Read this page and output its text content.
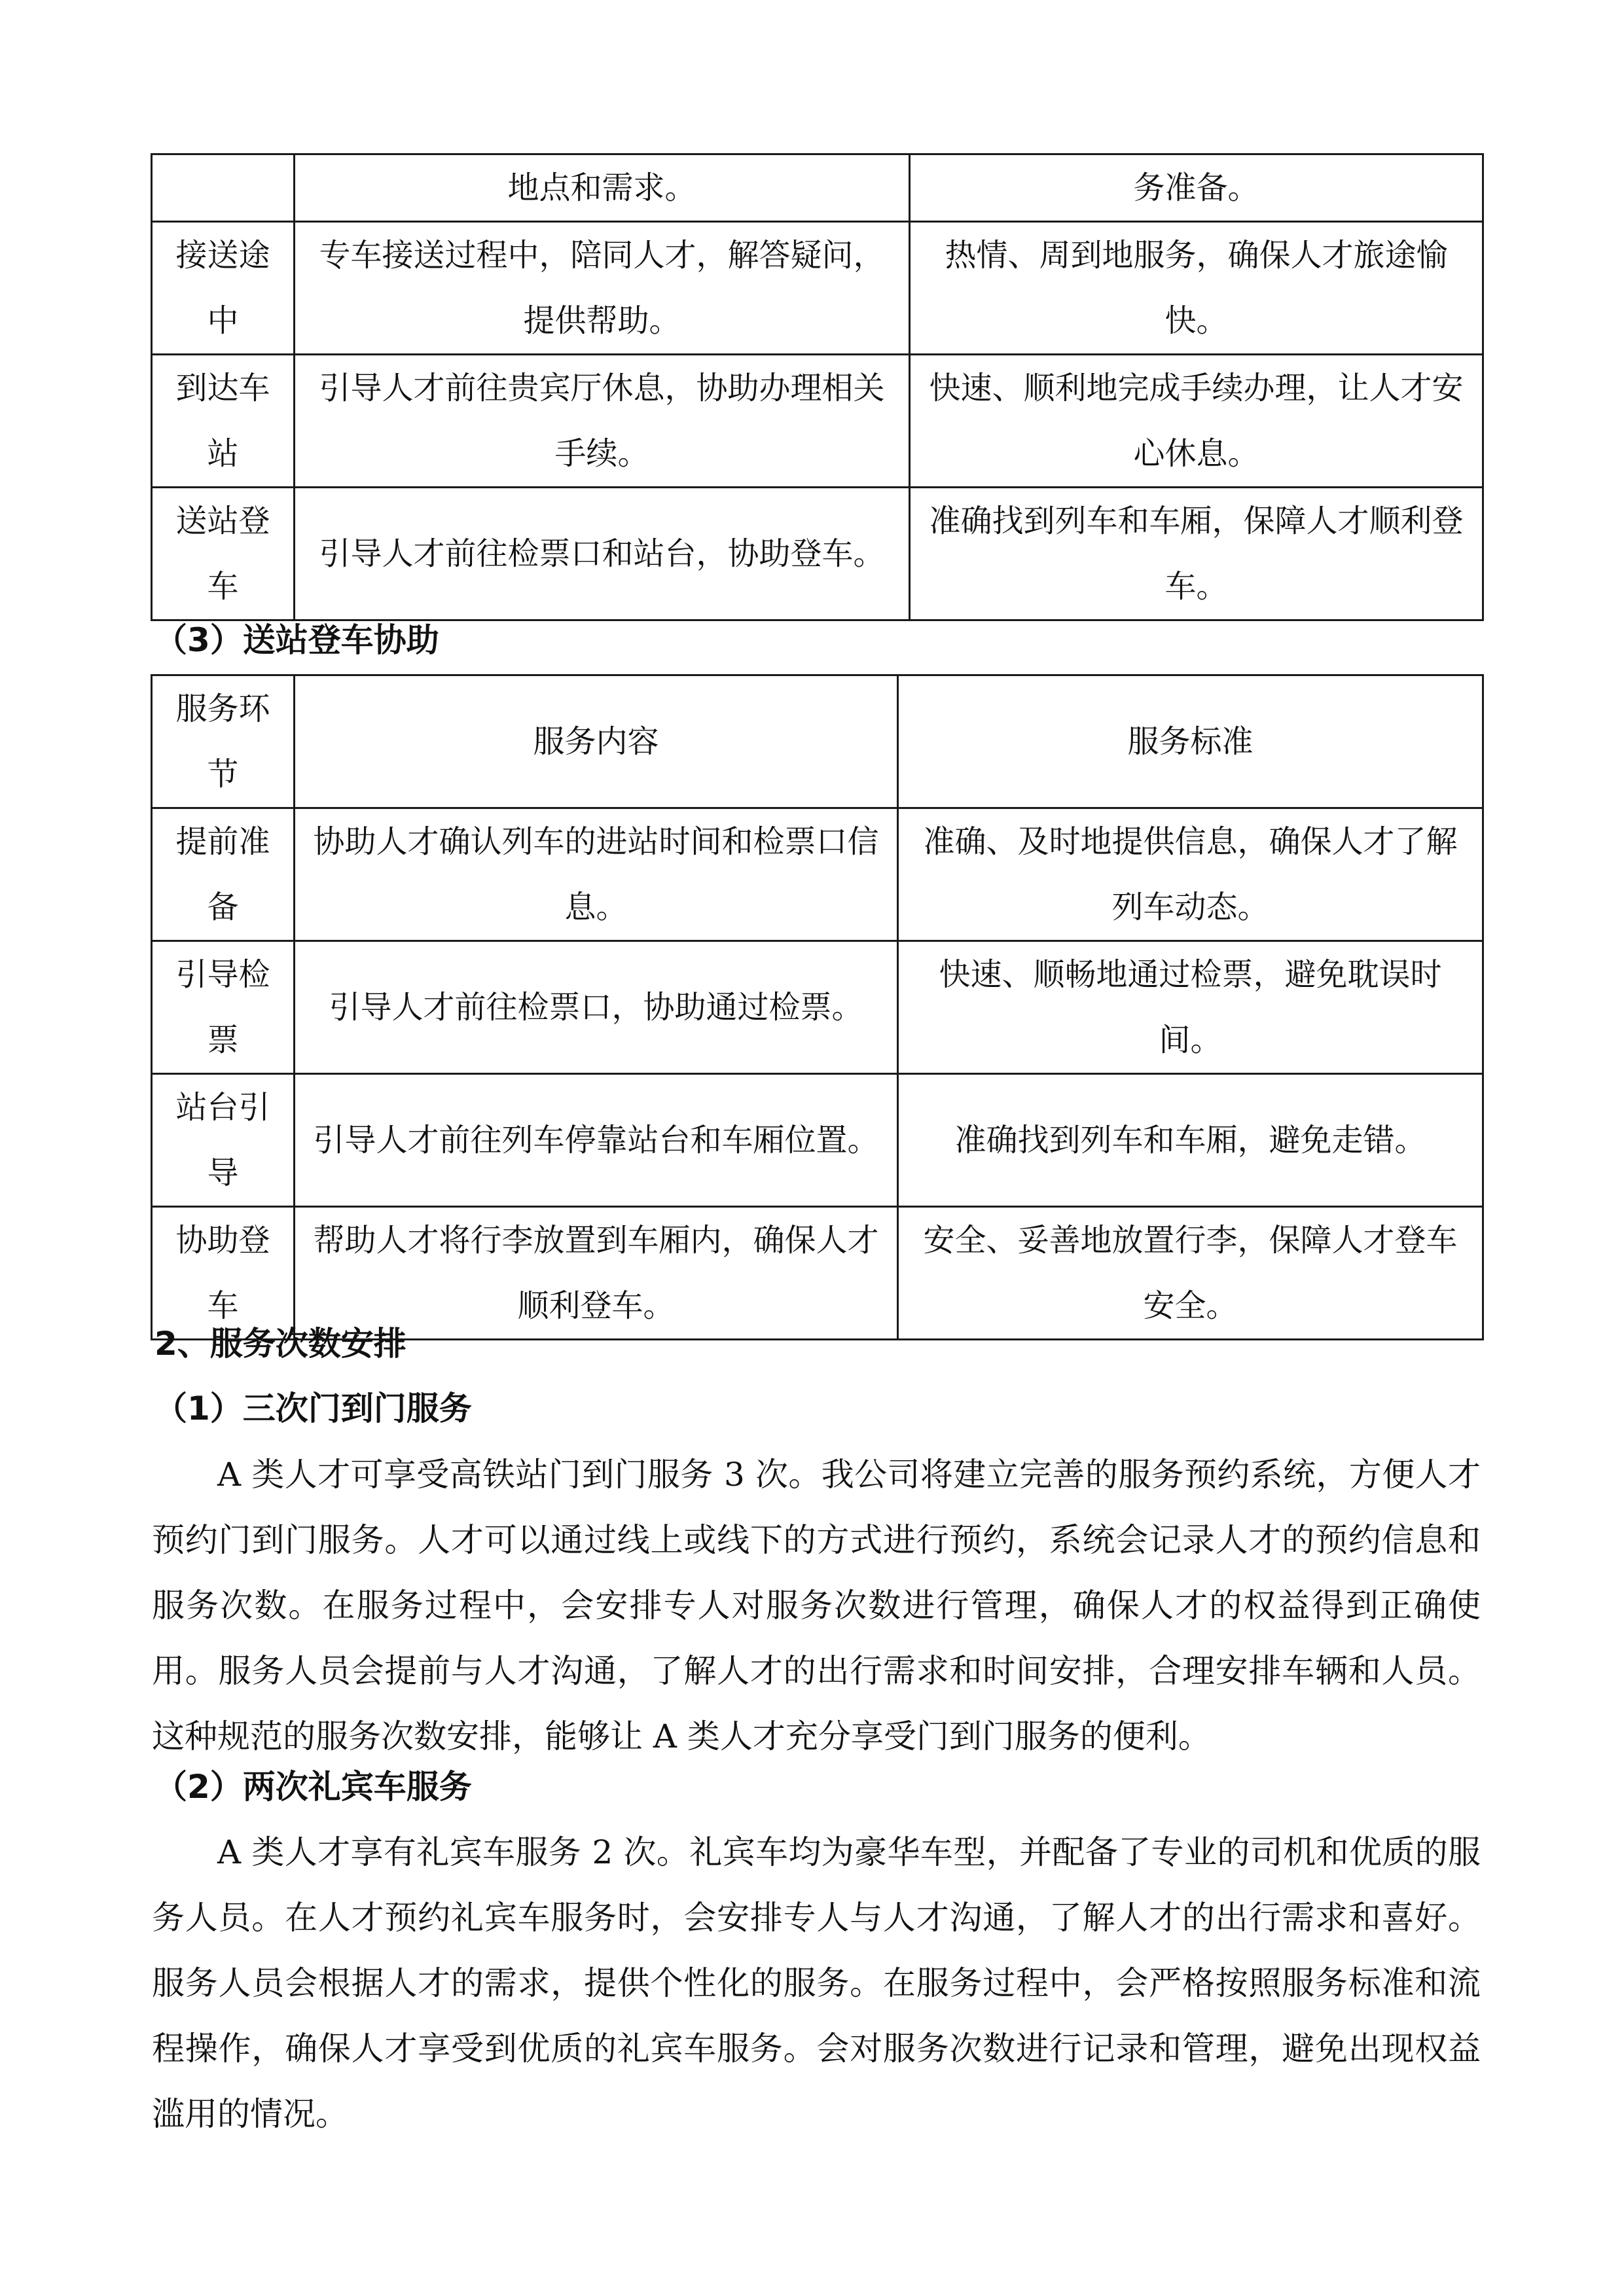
	地点和需求。	务准备。
接送途中	专车接送过程中，陪同人才，解答疑问，提供帮助。	热情、周到地服务，确保人才旅途愉快。
到达车站	引导人才前往贵宾厅休息，协助办理相关手续。	快速、顺利地完成手续办理，让人才安心休息。
送站登车	引导人才前往检票口和站台，协助登车。	准确找到列车和车厢，保障人才顺利登车。
（3）送站登车协助
服务环节	服务内容	服务标准
提前准备	协助人才确认列车的进站时间和检票口信息。	准确、及时地提供信息，确保人才了解列车动态。
引导检票	引导人才前往检票口，协助通过检票。	快速、顺畅地通过检票，避免耽误时间。
站台引导	引导人才前往列车停靠站台和车厢位置。	准确找到列车和车厢，避免走错。
协助登车	帮助人才将行李放置到车厢内，确保人才顺利登车。	安全、妥善地放置行李，保障人才登车安全。
2、服务次数安排
（1）三次门到门服务
A 类人才可享受高铁站门到门服务 3 次。我公司将建立完善的服务预约系统，方便人才预约门到门服务。人才可以通过线上或线下的方式进行预约，系统会记录人才的预约信息和服务次数。在服务过程中，会安排专人对服务次数进行管理，确保人才的权益得到正确使用。服务人员会提前与人才沟通，了解人才的出行需求和时间安排，合理安排车辆和人员。这种规范的服务次数安排，能够让 A 类人才充分享受门到门服务的便利。
（2）两次礼宾车服务
A 类人才享有礼宾车服务 2 次。礼宾车均为豪华车型，并配备了专业的司机和优质的服务人员。在人才预约礼宾车服务时，会安排专人与人才沟通，了解人才的出行需求和喜好。服务人员会根据人才的需求，提供个性化的服务。在服务过程中，会严格按照服务标准和流程操作，确保人才享受到优质的礼宾车服务。会对服务次数进行记录和管理，避免出现权益滥用的情况。
